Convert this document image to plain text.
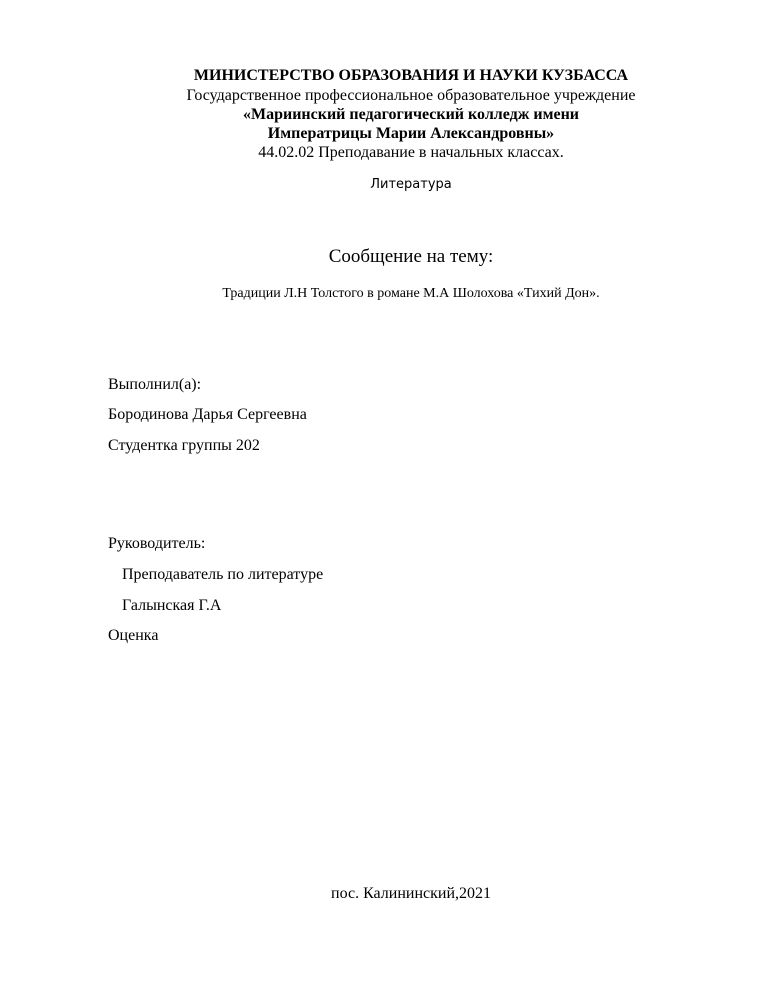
МИНИСТЕРСТВО ОБРАЗОВАНИЯ И НАУКИ КУЗБАССА
Государственное профессиональное образовательное учреждение
«Мариинский педагогический колледж имени
Императрицы Марии Александровны»
44.02.02 Преподавание в начальных классах.
Литература
Сообщение на тему:
Традиции Л.Н Толстого в романе М.А Шолохова «Тихий Дон».
Выполнил(а):
Бородинова Дарья Сергеевна
Студентка группы 202
Руководитель:
Преподаватель по литературе
Галынская Г.А
Оценка
пос. Калининский,2021
